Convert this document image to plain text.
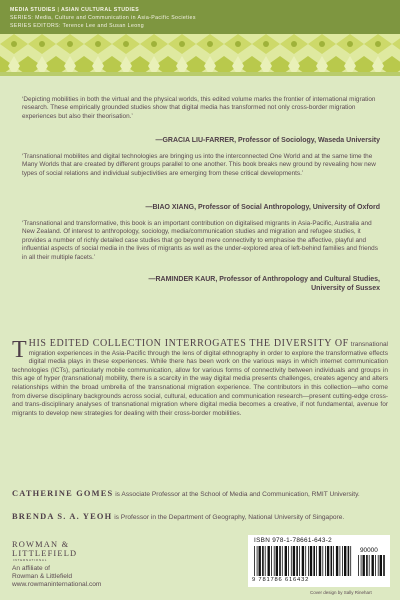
MEDIA STUDIES | ASIAN CULTURAL STUDIES
SERIES: Media, Culture and Communication in Asia-Pacific Societies
SERIES EDITORS: Terence Lee and Susan Leong
‘Depicting mobilities in both the virtual and the physical worlds, this edited volume marks the frontier of international migration research. These empirically grounded studies show that digital media has transformed not only cross-border migration experiences but also their theorisation.’
—GRACIA LIU-FARRER, Professor of Sociology, Waseda University
‘Transnational mobilites and digital technologies are bringing us into the interconnected One World and at the same time the Many Worlds that are created by different groups parallel to one another. This book breaks new ground by revealing how new types of social relations and individual subjectivities are emerging from these critical developments.’
—BIAO XIANG, Professor of Social Anthropology, University of Oxford
‘Transnational and transformative, this book is an important contribution on digitalised migrants in Asia-Pacific, Australia and New Zealand. Of interest to anthropology, sociology, media/communication studies and migration and refugee studies, it provides a number of richly detailed case studies that go beyond mere connectivity to emphasise the affective, playful and influential aspects of social media in the lives of migrants as well as the under-explored area of left-behind families and friends in all their multiple facets.’
—RAMINDER KAUR, Professor of Anthropology and Cultural Studies,
University of Sussex
THIS EDITED COLLECTION INTERROGATES THE DIVERSITY OF transnational migration experiences in the Asia-Pacific through the lens of digital ethnography in order to explore the transformative effects digital media plays in these experiences. While there has been work on the various ways in which internet communication technologies (ICTs), particularly mobile communication, allow for various forms of connectivity between individuals and groups in this age of hyper (transnational) mobility, there is a scarcity in the way digital media presents challenges, creates agency and alters relationships within the broad umbrella of the transnational migration experience. The contributors in this collection—who come from diverse disciplinary backgrounds across social, cultural, education and communication research—present cutting-edge cross- and trans-disciplinary analyses of transnational migration where digital media becomes a creative, if not fundamental, avenue for migrants to develop new strategies for dealing with their cross-border mobilities.
CATHERINE GOMES is Associate Professor at the School of Media and Communication, RMIT University.
BRENDA S. A. YEOH is Professor in the Department of Geography, National University of Singapore.
ROWMAN &
LITTLEFIELD
INTERNATIONAL
An affiliate of
Rowman & Littlefield
www.rowmaninternational.com
ISBN 978-1-78661-643-2
90000
9 781786 616432
Cover design by Sally Rinehart
